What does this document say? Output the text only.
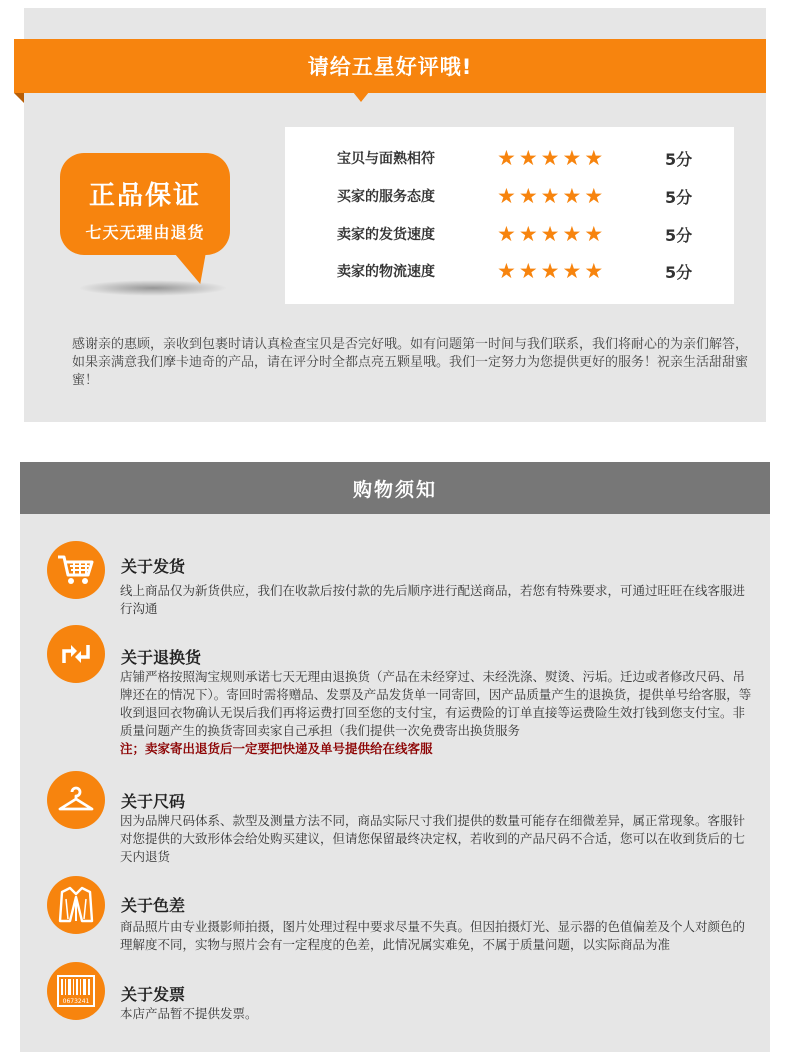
请给五星好评哦!
正品保证
七天无理由退货
宝贝与面熟相符	★ ★ ★ ★ ★	5分
买家的服务态度	★ ★ ★ ★ ★	5分
卖家的发货速度	★ ★ ★ ★ ★	5分
卖家的物流速度	★ ★ ★ ★ ★	5分
感谢亲的惠顾，亲收到包裹时请认真检查宝贝是否完好哦。如有问题第一时间与我们联系，我们将耐心的为亲们解答，如果亲满意我们摩卡迪奇的产品，请在评分时全都点亮五颗星哦。我们一定努力为您提供更好的服务！祝亲生活甜甜蜜蜜！
购物须知
关于发货
线上商品仅为新货供应，我们在收款后按付款的先后顺序进行配送商品，若您有特殊要求，可通过旺旺在线客服进行沟通
关于退换货
店铺严格按照淘宝规则承诺七天无理由退换货（产品在未经穿过、未经洗涤、熨烫、污垢。迁边或者修改尺码、吊牌还在的情况下）。寄回时需将赠品、发票及产品发货单一同寄回，因产品质量产生的退换货，提供单号给客服，等收到退回衣物确认无误后我们再将运费打回至您的支付宝，有运费险的订单直接等运费险生效打钱到您支付宝。非质量问题产生的换货寄回卖家自己承担（我们提供一次免费寄出换货服务
注；卖家寄出退货后一定要把快递及单号提供给在线客服
关于尺码
因为品牌尺码体系、款型及测量方法不同，商品实际尺寸我们提供的数量可能存在细微差异，属正常现象。客服针对您提供的大致形体会给处购买建议，但请您保留最终决定权，若收到的产品尺码不合适，您可以在收到货后的七天内退货
关于色差
商品照片由专业摄影师拍摄，图片处理过程中要求尽量不失真。但因拍摄灯光、显示器的色值偏差及个人对颜色的理解度不同，实物与照片会有一定程度的色差，此情况属实难免，不属于质量问题，以实际商品为准
0673241 关于发票
本店产品暂不提供发票。
